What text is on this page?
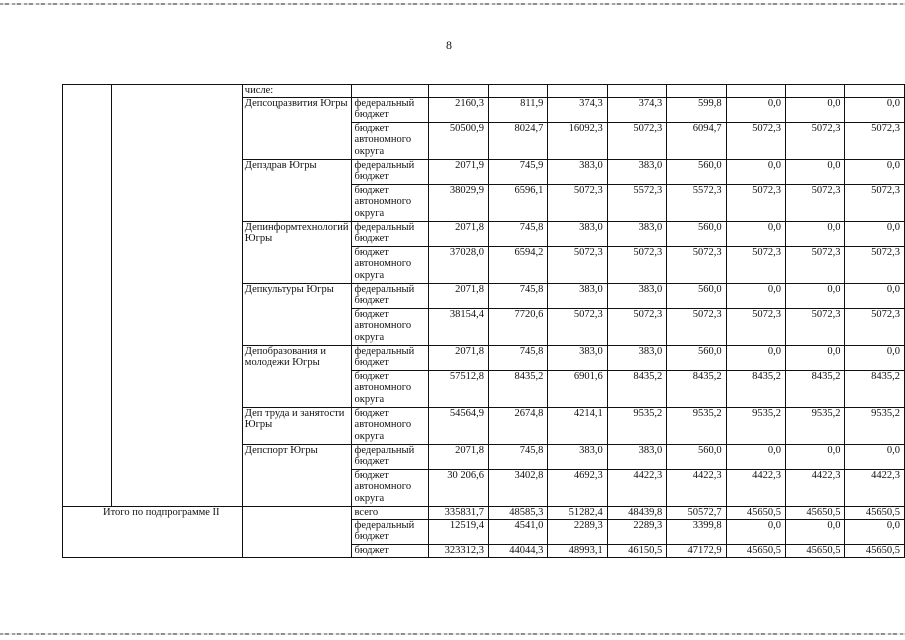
8
		числе:									
		Депсоцразвития Югры	федеральный бюджет	2160,3	811,9	374,3	374,3	599,8	0,0	0,0	0,0
			бюджет автономного округа	50500,9	8024,7	16092,3	5072,3	6094,7	5072,3	5072,3	5072,3
		Депздрав Югры	федеральный бюджет	2071,9	745,9	383,0	383,0	560,0	0,0	0,0	0,0
			бюджет автономного округа	38029,9	6596,1	5072,3	5572,3	5572,3	5072,3	5072,3	5072,3
		Депинформтехнологий Югры	федеральный бюджет	2071,8	745,8	383,0	383,0	560,0	0,0	0,0	0,0
			бюджет автономного округа	37028,0	6594,2	5072,3	5072,3	5072,3	5072,3	5072,3	5072,3
		Депкультуры Югры	федеральный бюджет	2071,8	745,8	383,0	383,0	560,0	0,0	0,0	0,0
			бюджет автономного округа	38154,4	7720,6	5072,3	5072,3	5072,3	5072,3	5072,3	5072,3
		Депобразования и молодежи Югры	федеральный бюджет	2071,8	745,8	383,0	383,0	560,0	0,0	0,0	0,0
			бюджет автономного округа	57512,8	8435,2	6901,6	8435,2	8435,2	8435,2	8435,2	8435,2
		Деп труда и занятости Югры	бюджет автономного округа	54564,9	2674,8	4214,1	9535,2	9535,2	9535,2	9535,2	9535,2
		Депспорт Югры	федеральный бюджет	2071,8	745,8	383,0	383,0	560,0	0,0	0,0	0,0
			бюджет автономного округа	30 206,6	3402,8	4692,3	4422,3	4422,3	4422,3	4422,3	4422,3
Итого по подпрограмме II			всего	335831,7	48585,3	51282,4	48439,8	50572,7	45650,5	45650,5	45650,5
			федеральный бюджет	12519,4	4541,0	2289,3	2289,3	3399,8	0,0	0,0	0,0
			бюджет	323312,3	44044,3	48993,1	46150,5	47172,9	45650,5	45650,5	45650,5
